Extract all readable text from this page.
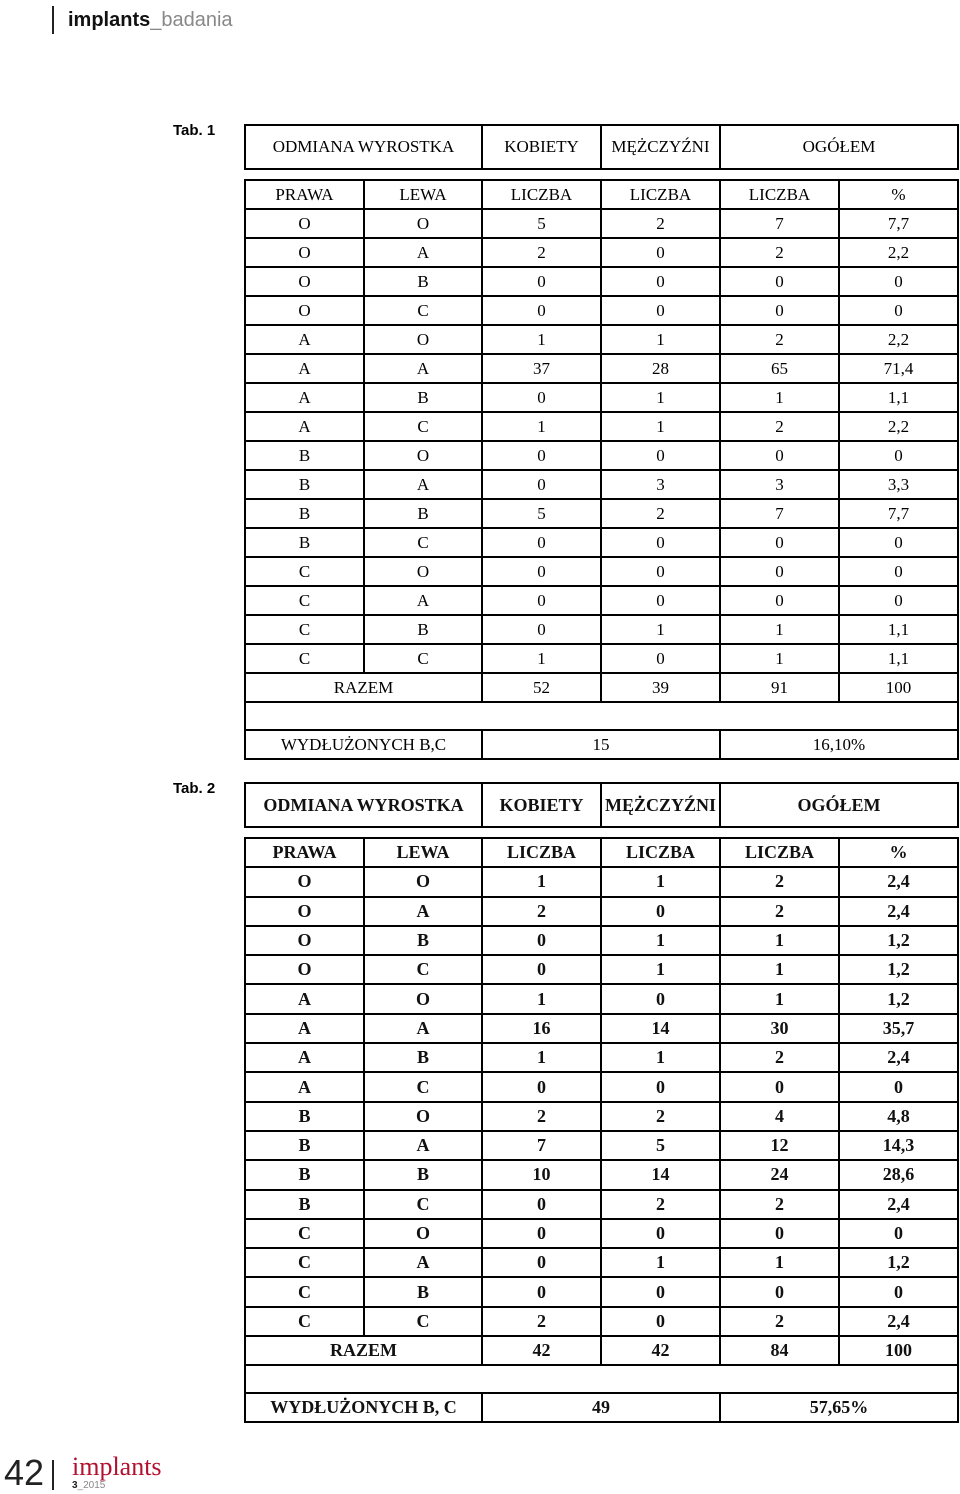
implants_badania
Tab. 1
ODMIANA WYROSTKA		KOBIETY	MĘŻCZYŹNI	OGÓŁEM	

PRAWA	LEWA	LICZBA	LICZBA	LICZBA	%
O	O	5	2	7	7,7
O	A	2	0	2	2,2
O	B	0	0	0	0
O	C	0	0	0	0
A	O	1	1	2	2,2
A	A	37	28	65	71,4
A	B	0	1	1	1,1
A	C	1	1	2	2,2
B	O	0	0	0	0
B	A	0	3	3	3,3
B	B	5	2	7	7,7
B	C	0	0	0	0
C	O	0	0	0	0
C	A	0	0	0	0
C	B	0	1	1	1,1
C	C	1	0	1	1,1
RAZEM		52	39	91	100

WYDŁUŻONYCH B,C		15		16,10%	
Tab. 2
ODMIANA WYROSTKA		KOBIETY	MĘŻCZYŹNI	OGÓŁEM	

PRAWA	LEWA	LICZBA	LICZBA	LICZBA	%
O	O	1	1	2	2,4
O	A	2	0	2	2,4
O	B	0	1	1	1,2
O	C	0	1	1	1,2
A	O	1	0	1	1,2
A	A	16	14	30	35,7
A	B	1	1	2	2,4
A	C	0	0	0	0
B	O	2	2	4	4,8
B	A	7	5	12	14,3
B	B	10	14	24	28,6
B	C	0	2	2	2,4
C	O	0	0	0	0
C	A	0	1	1	1,2
C	B	0	0	0	0
C	C	2	0	2	2,4
RAZEM		42	42	84	100

WYDŁUŻONYCH B, C		49		57,65%	
42 implants
3_2015
